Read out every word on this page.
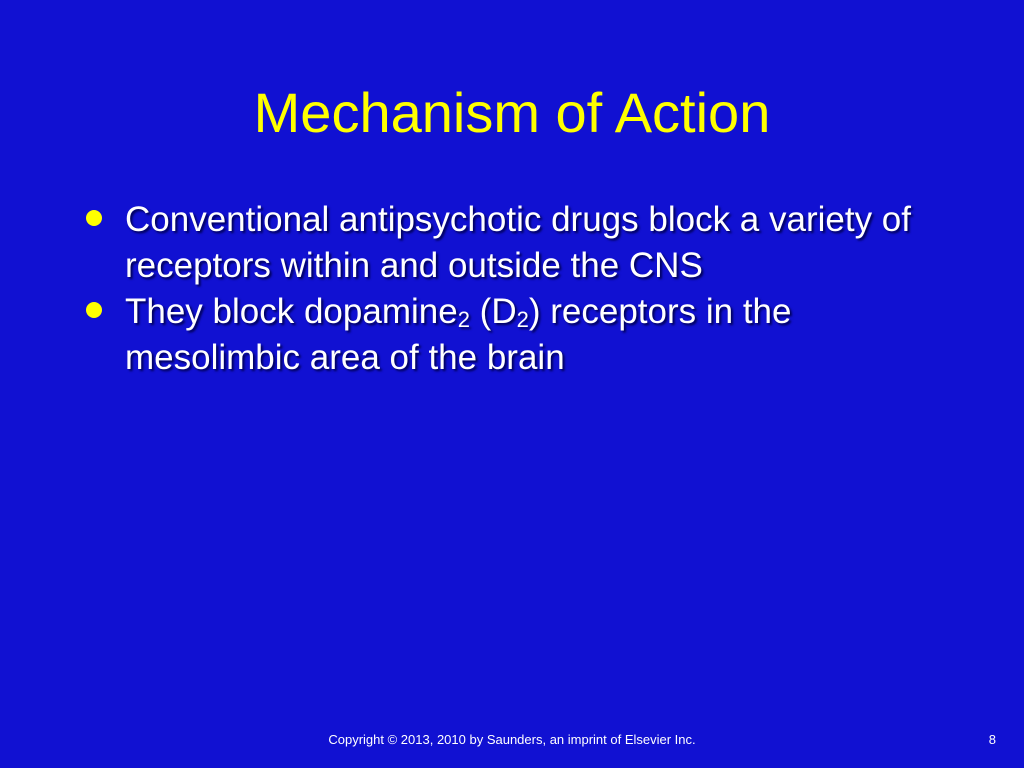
Mechanism of Action
Conventional antipsychotic drugs block a variety of receptors within and outside the CNS
They block dopamine$_2$ $(D_2)$ receptors in the mesolimbic area of the brain
Copyright © 2013, 2010 by Saunders, an imprint of Elsevier Inc.	8
